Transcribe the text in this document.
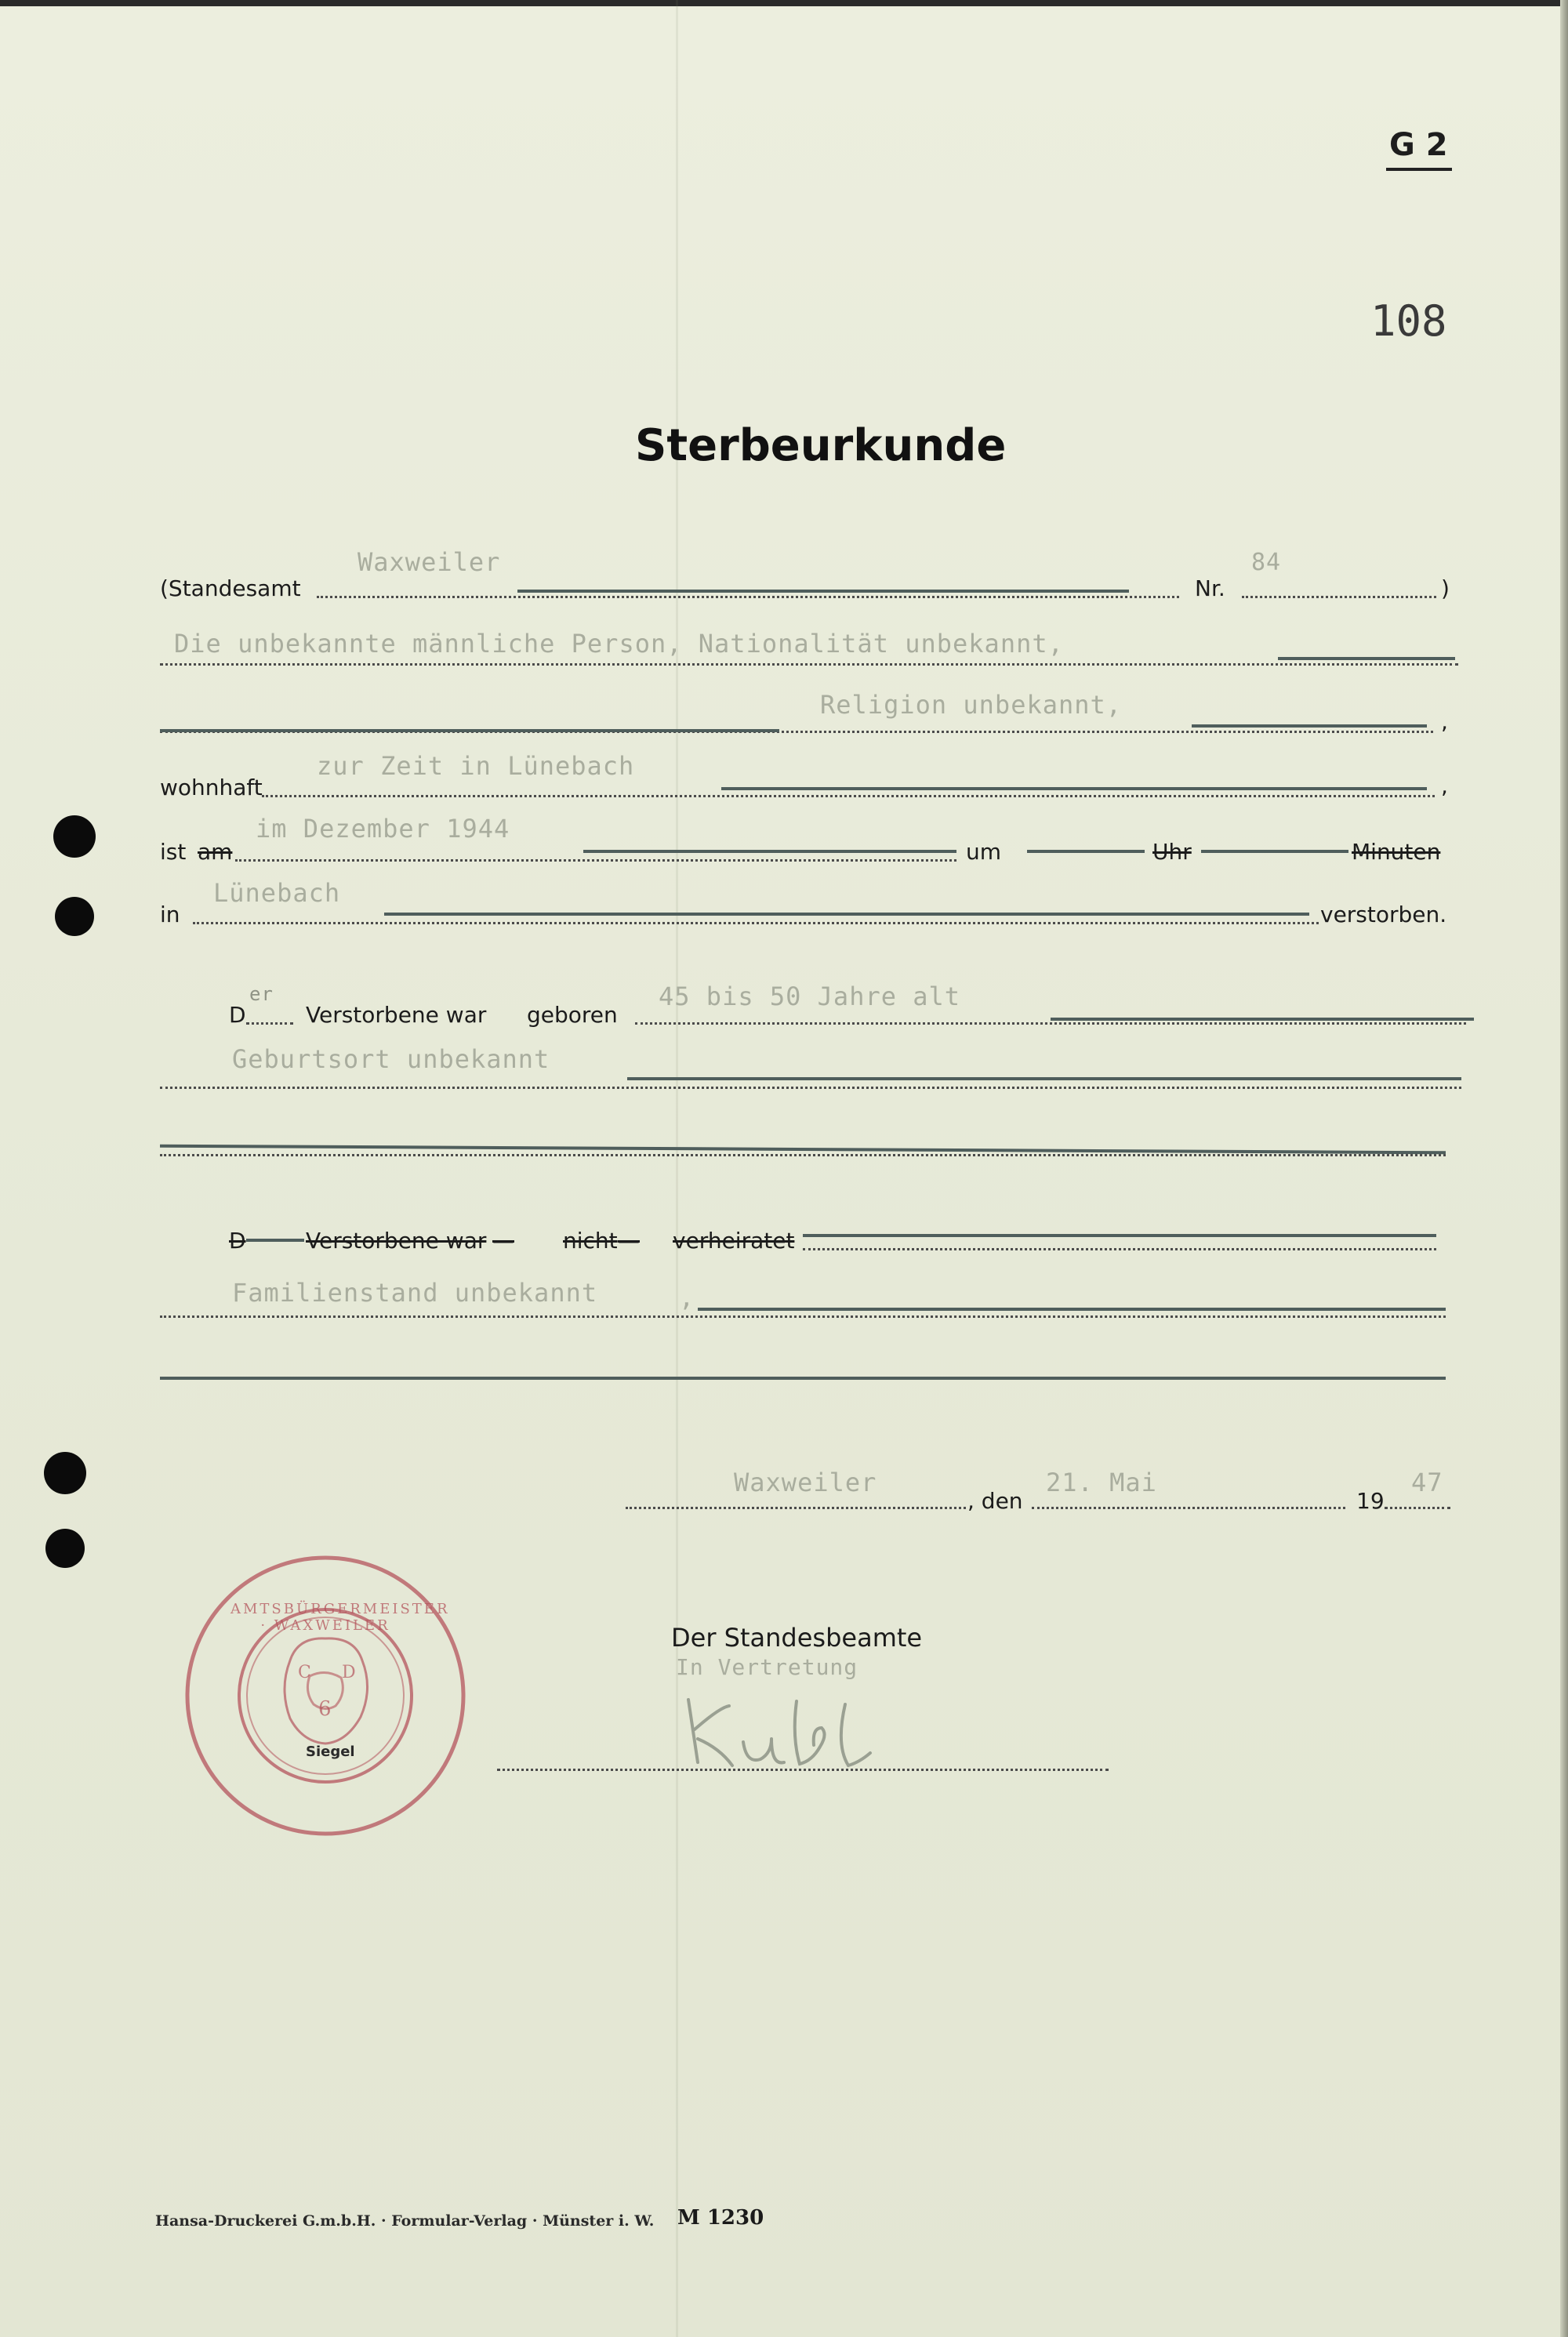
G 2
108
Sterbeurkunde
(Standesamt
Waxweiler
Nr.
84
)
Die unbekannte männliche Person, Nationalität unbekannt,
Religion unbekannt,
,
wohnhaft
zur Zeit in Lünebach
,
ist am
im Dezember 1944
um	Uhr	Minuten
in
Lünebach
verstorben.
D
er
Verstorbene war geboren
45 bis 50 Jahre alt
Geburtsort unbekannt
D	Verstorbene war — nicht — verheiratet
Familienstand unbekannt	,
Waxweiler
, den
21. Mai
19
47
C D
6
AMTSBÜRGERMEISTER · WAXWEILER
Siegel
Der Standesbeamte
In Vertretung
Hansa-Druckerei G.m.b.H. · Formular-Verlag · Münster i. W. M 1230
